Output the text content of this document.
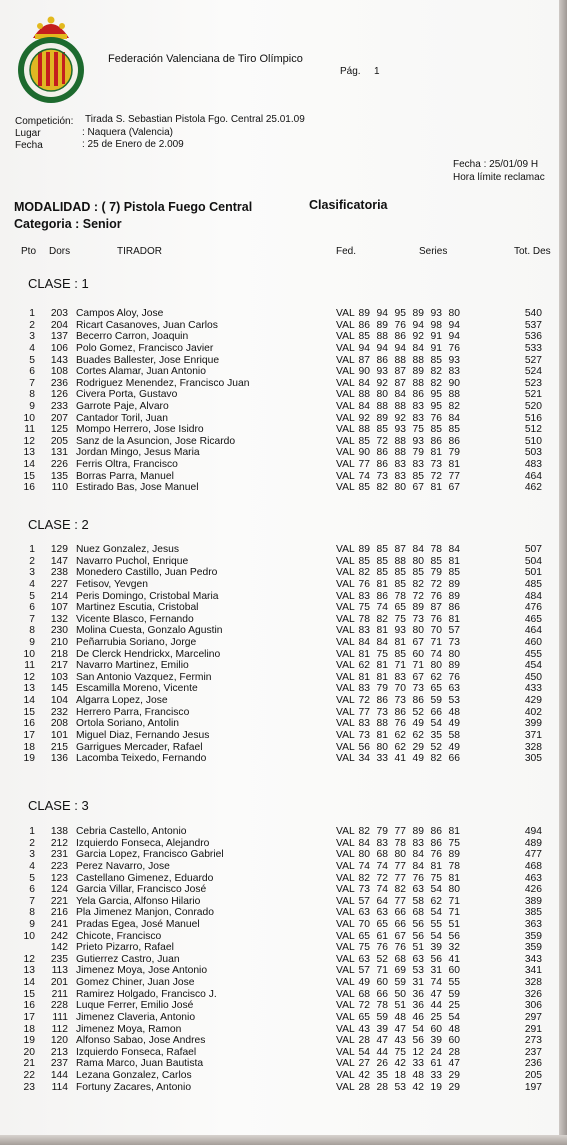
Federación Valenciana de Tiro Olímpico
Pág. 1
Competición: Tirada S. Sebastian Pistola Fgo. Central 25.01.09
Lugar	: Naquera (Valencia)
Fecha	: 25 de Enero de 2.009
Fecha : 25/01/09 H
Hora límite reclamac
MODALIDAD : ( 7) Pistola Fuego Central	Clasificatoria
Categoria : Senior
Pto Dors	TIRADOR	Fed.	Series	Tot. Des
CLASE : 1
1	203 Campos Aloy, Jose	VAL 89 94 95 89 93 80	540
2	204 Ricart Casanoves, Juan Carlos	VAL 86 89 76 94 98 94	537
3	137 Becerro Carron, Joaquin	VAL 85 88 86 92 91 94	536
4	106 Polo Gomez, Francisco Javier	VAL 94 94 94 84 91 76	533
5	143 Buades Ballester, Jose Enrique	VAL 87 86 88 88 85 93	527
6	108 Cortes Alamar, Juan Antonio	VAL 90 93 87 89 82 83	524
7	236 Rodriguez Menendez, Francisco Juan	VAL 84 92 87 88 82 90	523
8	126 Civera Porta, Gustavo	VAL 88 80 84 86 95 88	521
9	233 Garrote Paje, Alvaro	VAL 84 88 88 83 95 82	520
10	207 Cantador Toril, Juan	VAL 92 89 92 83 76 84	516
11	125 Mompo Herrero, Jose Isidro	VAL 88 85 93 75 85 85	512
12	205 Sanz de la Asuncion, Jose Ricardo	VAL 85 72 88 93 86 86	510
13	131 Jordan Mingo, Jesus Maria	VAL 90 86 88 79 81 79	503
14	226 Ferris Oltra, Francisco	VAL 77 86 83 83 73 81	483
15	135 Borras Parra, Manuel	VAL 74 73 83 85 72 77	464
16	110 Estirado Bas, Jose Manuel	VAL 85 82 80 67 81 67	462
CLASE : 2
1	129 Nuez Gonzalez, Jesus	VAL 89 85 87 84 78 84	507
2	147 Navarro Puchol, Enrique	VAL 85 85 88 80 85 81	504
3	238 Monedero Castillo, Juan Pedro	VAL 82 85 85 85 79 85	501
4	227 Fetisov, Yevgen	VAL 76 81 85 82 72 89	485
5	214 Peris Domingo, Cristobal Maria	VAL 83 86 78 72 76 89	484
6	107 Martinez Escutia, Cristobal	VAL 75 74 65 89 87 86	476
7	132 Vicente Blasco, Fernando	VAL 78 82 75 73 76 81	465
8	230 Molina Cuesta, Gonzalo Agustin	VAL 83 81 93 80 70 57	464
9	210 Peñarrubia Soriano, Jorge	VAL 84 84 81 67 71 73	460
10	218 De Clerck Hendrickx, Marcelino	VAL 81 75 85 60 74 80	455
11	217 Navarro Martinez, Emilio	VAL 62 81 71 71 80 89	454
12	103 San Antonio Vazquez, Fermin	VAL 81 81 83 67 62 76	450
13	145 Escamilla Moreno, Vicente	VAL 83 79 70 73 65 63	433
14	104 Algarra Lopez, Jose	VAL 72 86 73 86 59 53	429
15	232 Herrero Parra, Francisco	VAL 77 73 86 52 66 48	402
16	208 Ortola Soriano, Antolin	VAL 83 88 76 49 54 49	399
17	101 Miguel Diaz, Fernando Jesus	VAL 73 81 62 62 35 58	371
18	215 Garrigues Mercader, Rafael	VAL 56 80 62 29 52 49	328
19	136 Lacomba Teixedo, Fernando	VAL 34 33 41 49 82 66	305
CLASE : 3
1	138 Cebria Castello, Antonio	VAL 82 79 77 89 86 81	494
2	212 Izquierdo Fonseca, Alejandro	VAL 84 83 78 83 86 75	489
3	231 Garcia Lopez, Francisco Gabriel	VAL 80 68 80 84 76 89	477
4	223 Perez Navarro, Jose	VAL 74 74 77 84 81 78	468
5	123 Castellano Gimenez, Eduardo	VAL 82 72 77 76 75 81	463
6	124 Garcia Villar, Francisco José	VAL 73 74 82 63 54 80	426
7	221 Yela Garcia, Alfonso Hilario	VAL 57 64 77 58 62 71	389
8	216 Pla Jimenez Manjon, Conrado	VAL 63 63 66 68 54 71	385
9	241 Pradas Egea, José Manuel	VAL 70 65 66 56 55 51	363
10	242 Chicote, Francisco	VAL 65 61 67 56 54 56	359
142 Prieto Pizarro, Rafael	VAL 75 76 76 51 39 32	359
12	235 Gutierrez Castro, Juan	VAL 63 52 68 63 56 41	343
13	113 Jimenez Moya, Jose Antonio	VAL 57 71 69 53 31 60	341
14	201 Gomez Chiner, Juan Jose	VAL 49 60 59 31 74 55	328
15	211 Ramirez Holgado, Francisco J.	VAL 68 66 50 36 47 59	326
16	228 Luque Ferrer, Emilio José	VAL 72 78 51 36 44 25	306
17	111 Jimenez Claveria, Antonio	VAL 65 59 48 46 25 54	297
18	112 Jimenez Moya, Ramon	VAL 43 39 47 54 60 48	291
19	120 Alfonso Sabao, Jose Andres	VAL 28 47 43 56 39 60	273
20	213 Izquierdo Fonseca, Rafael	VAL 54 44 75 12 24 28	237
21	237 Rama Marco, Juan Bautista	VAL 27 26 42 33 61 47	236
22	144 Lezana Gonzalez, Carlos	VAL 42 35 18 48 33 29	205
23	114 Fortuny Zacares, Antonio	VAL 28 28 53 42 19 29	197
